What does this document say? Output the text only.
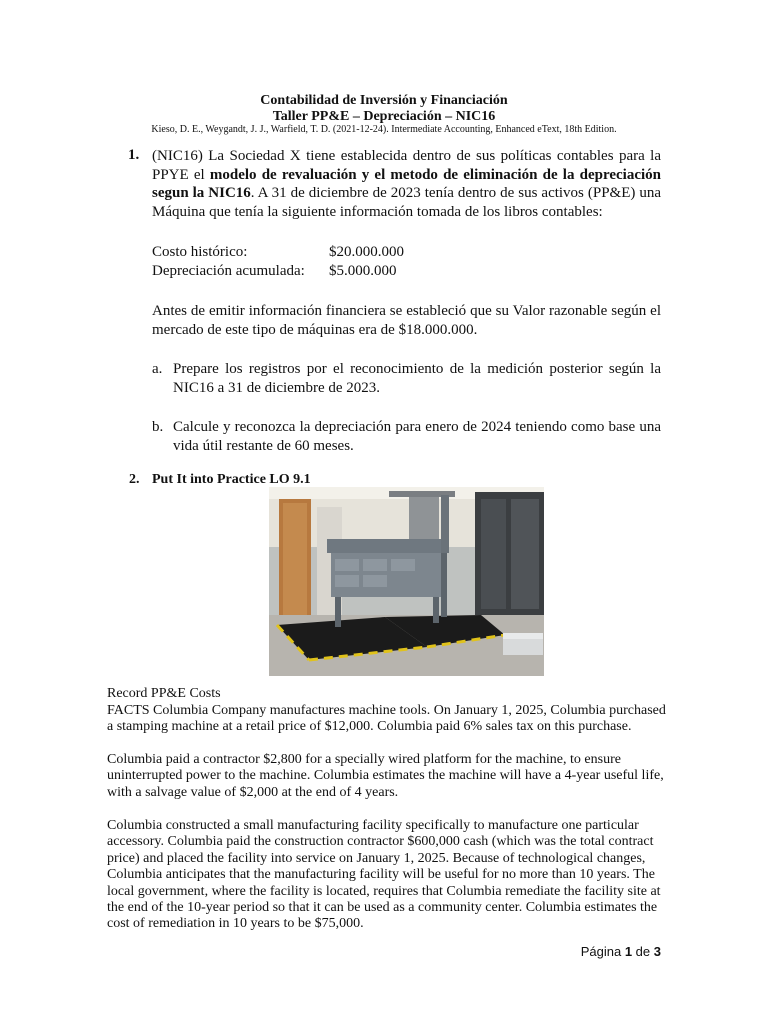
Contabilidad de Inversión y Financiación
Taller PP&E – Depreciación – NIC16
Kieso, D. E., Weygandt, J. J., Warfield, T. D. (2021-12-24). Intermediate Accounting, Enhanced eText, 18th Edition.
1. (NIC16) La Sociedad X tiene establecida dentro de sus políticas contables para la PPYE el modelo de revaluación y el metodo de eliminación de la depreciación segun la NIC16. A 31 de diciembre de 2023 tenía dentro de sus activos (PP&E) una Máquina que tenía la siguiente información tomada de los libros contables:
Costo histórico:	$20.000.000
Depreciación acumulada: $5.000.000
Antes de emitir información financiera se estableció que su Valor razonable según el mercado de este tipo de máquinas era de $18.000.000.
a. Prepare los registros por el reconocimiento de la medición posterior según la NIC16 a 31 de diciembre de 2023.
b. Calcule y reconozca la depreciación para enero de 2024 teniendo como base una vida útil restante de 60 meses.
2. Put It into Practice LO 9.1
Record PP&E Costs
FACTS Columbia Company manufactures machine tools. On January 1, 2025, Columbia purchased a stamping machine at a retail price of $12,000. Columbia paid 6% sales tax on this purchase.
Columbia paid a contractor $2,800 for a specially wired platform for the machine, to ensure uninterrupted power to the machine. Columbia estimates the machine will have a 4-year useful life, with a salvage value of $2,000 at the end of 4 years.
Columbia constructed a small manufacturing facility specifically to manufacture one particular accessory. Columbia paid the construction contractor $600,000 cash (which was the total contract price) and placed the facility into service on January 1, 2025. Because of technological changes, Columbia anticipates that the manufacturing facility will be useful for no more than 10 years. The local government, where the facility is located, requires that Columbia remediate the facility site at the end of the 10-year period so that it can be used as a community center. Columbia estimates the cost of remediation in 10 years to be $75,000.
Página 1 de 3
